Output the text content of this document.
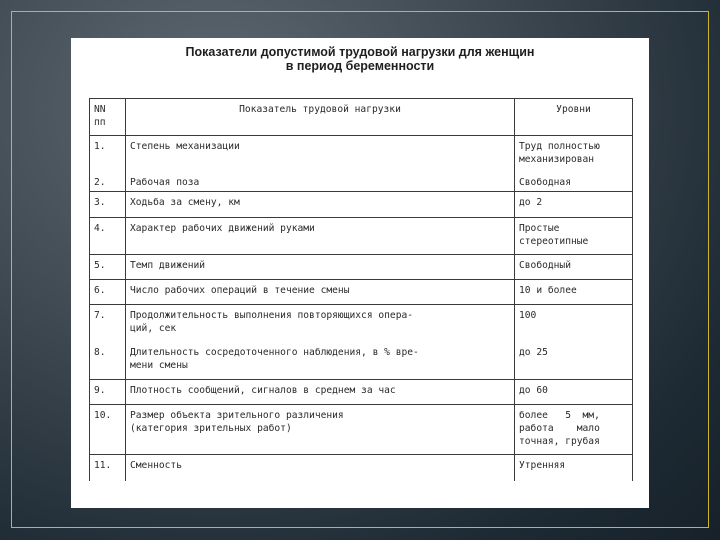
Показатели допустимой трудовой нагрузки для женщин
в период беременности
NN
пп	Показатель трудовой нагрузки	Уровни
1.	Степень механизации	Труд полностью
механизирован
2.	Рабочая поза	Свободная
3.	Ходьба за смену, км	до 2
4.	Характер рабочих движений руками	Простые
стереотипные
5.	Темп движений	Свободный
6.	Число рабочих операций в течение смены	10 и более
7.	Продолжительность выполнения повторяющихся опера-
ций, сек	100
8.	Длительность сосредоточенного наблюдения, в % вре-
мени смены	до 25
9.	Плотность сообщений, сигналов в среднем за час	до 60
10.	Размер объекта зрительного различения
(категория зрительных работ)	более   5  мм,
работа    мало
точная, грубая
11.	Сменность	Утренняя
